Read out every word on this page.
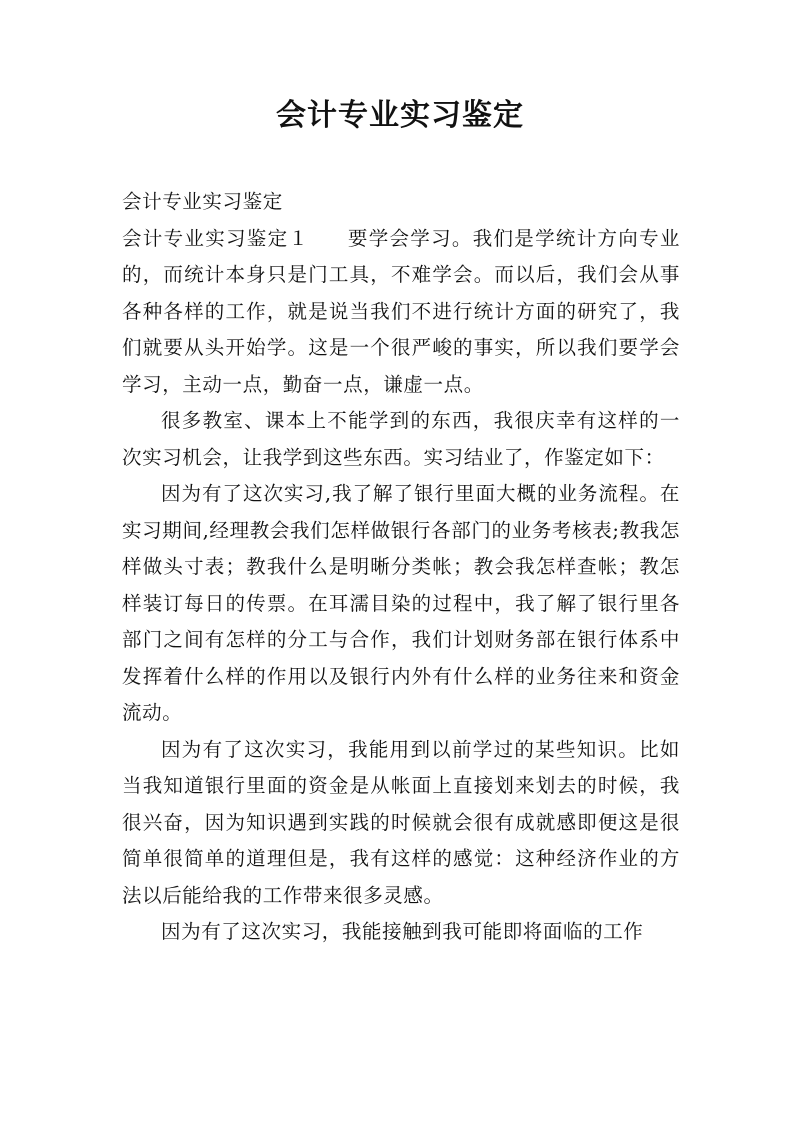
会计专业实习鉴定

会计专业实习鉴定

会计专业实习鉴定１ 要学会学习。我们是学统计方向专业的，而统计本身只是门工具，不难学会。而以后，我们会从事各种各样的工作，就是说当我们不进行统计方面的研究了，我们就要从头开始学。这是一个很严峻的事实，所以我们要学会学习，主动一点，勤奋一点，谦虚一点。

很多教室、课本上不能学到的东西，我很庆幸有这样的一次实习机会，让我学到这些东西。实习结业了，作鉴定如下：

因为有了这次实习,我了解了银行里面大概的业务流程。在实习期间,经理教会我们怎样做银行各部门的业务考核表;教我怎样做头寸表；教我什么是明晰分类帐；教会我怎样查帐；教怎样装订每日的传票。在耳濡目染的过程中，我了解了银行里各部门之间有怎样的分工与合作，我们计划财务部在银行体系中发挥着什么样的作用以及银行内外有什么样的业务往来和资金流动。

因为有了这次实习，我能用到以前学过的某些知识。比如当我知道银行里面的资金是从帐面上直接划来划去的时候，我很兴奋，因为知识遇到实践的时候就会很有成就感即便这是很简单很简单的道理但是，我有这样的感觉：这种经济作业的方法以后能给我的工作带来很多灵感。

因为有了这次实习，我能接触到我可能即将面临的工作
